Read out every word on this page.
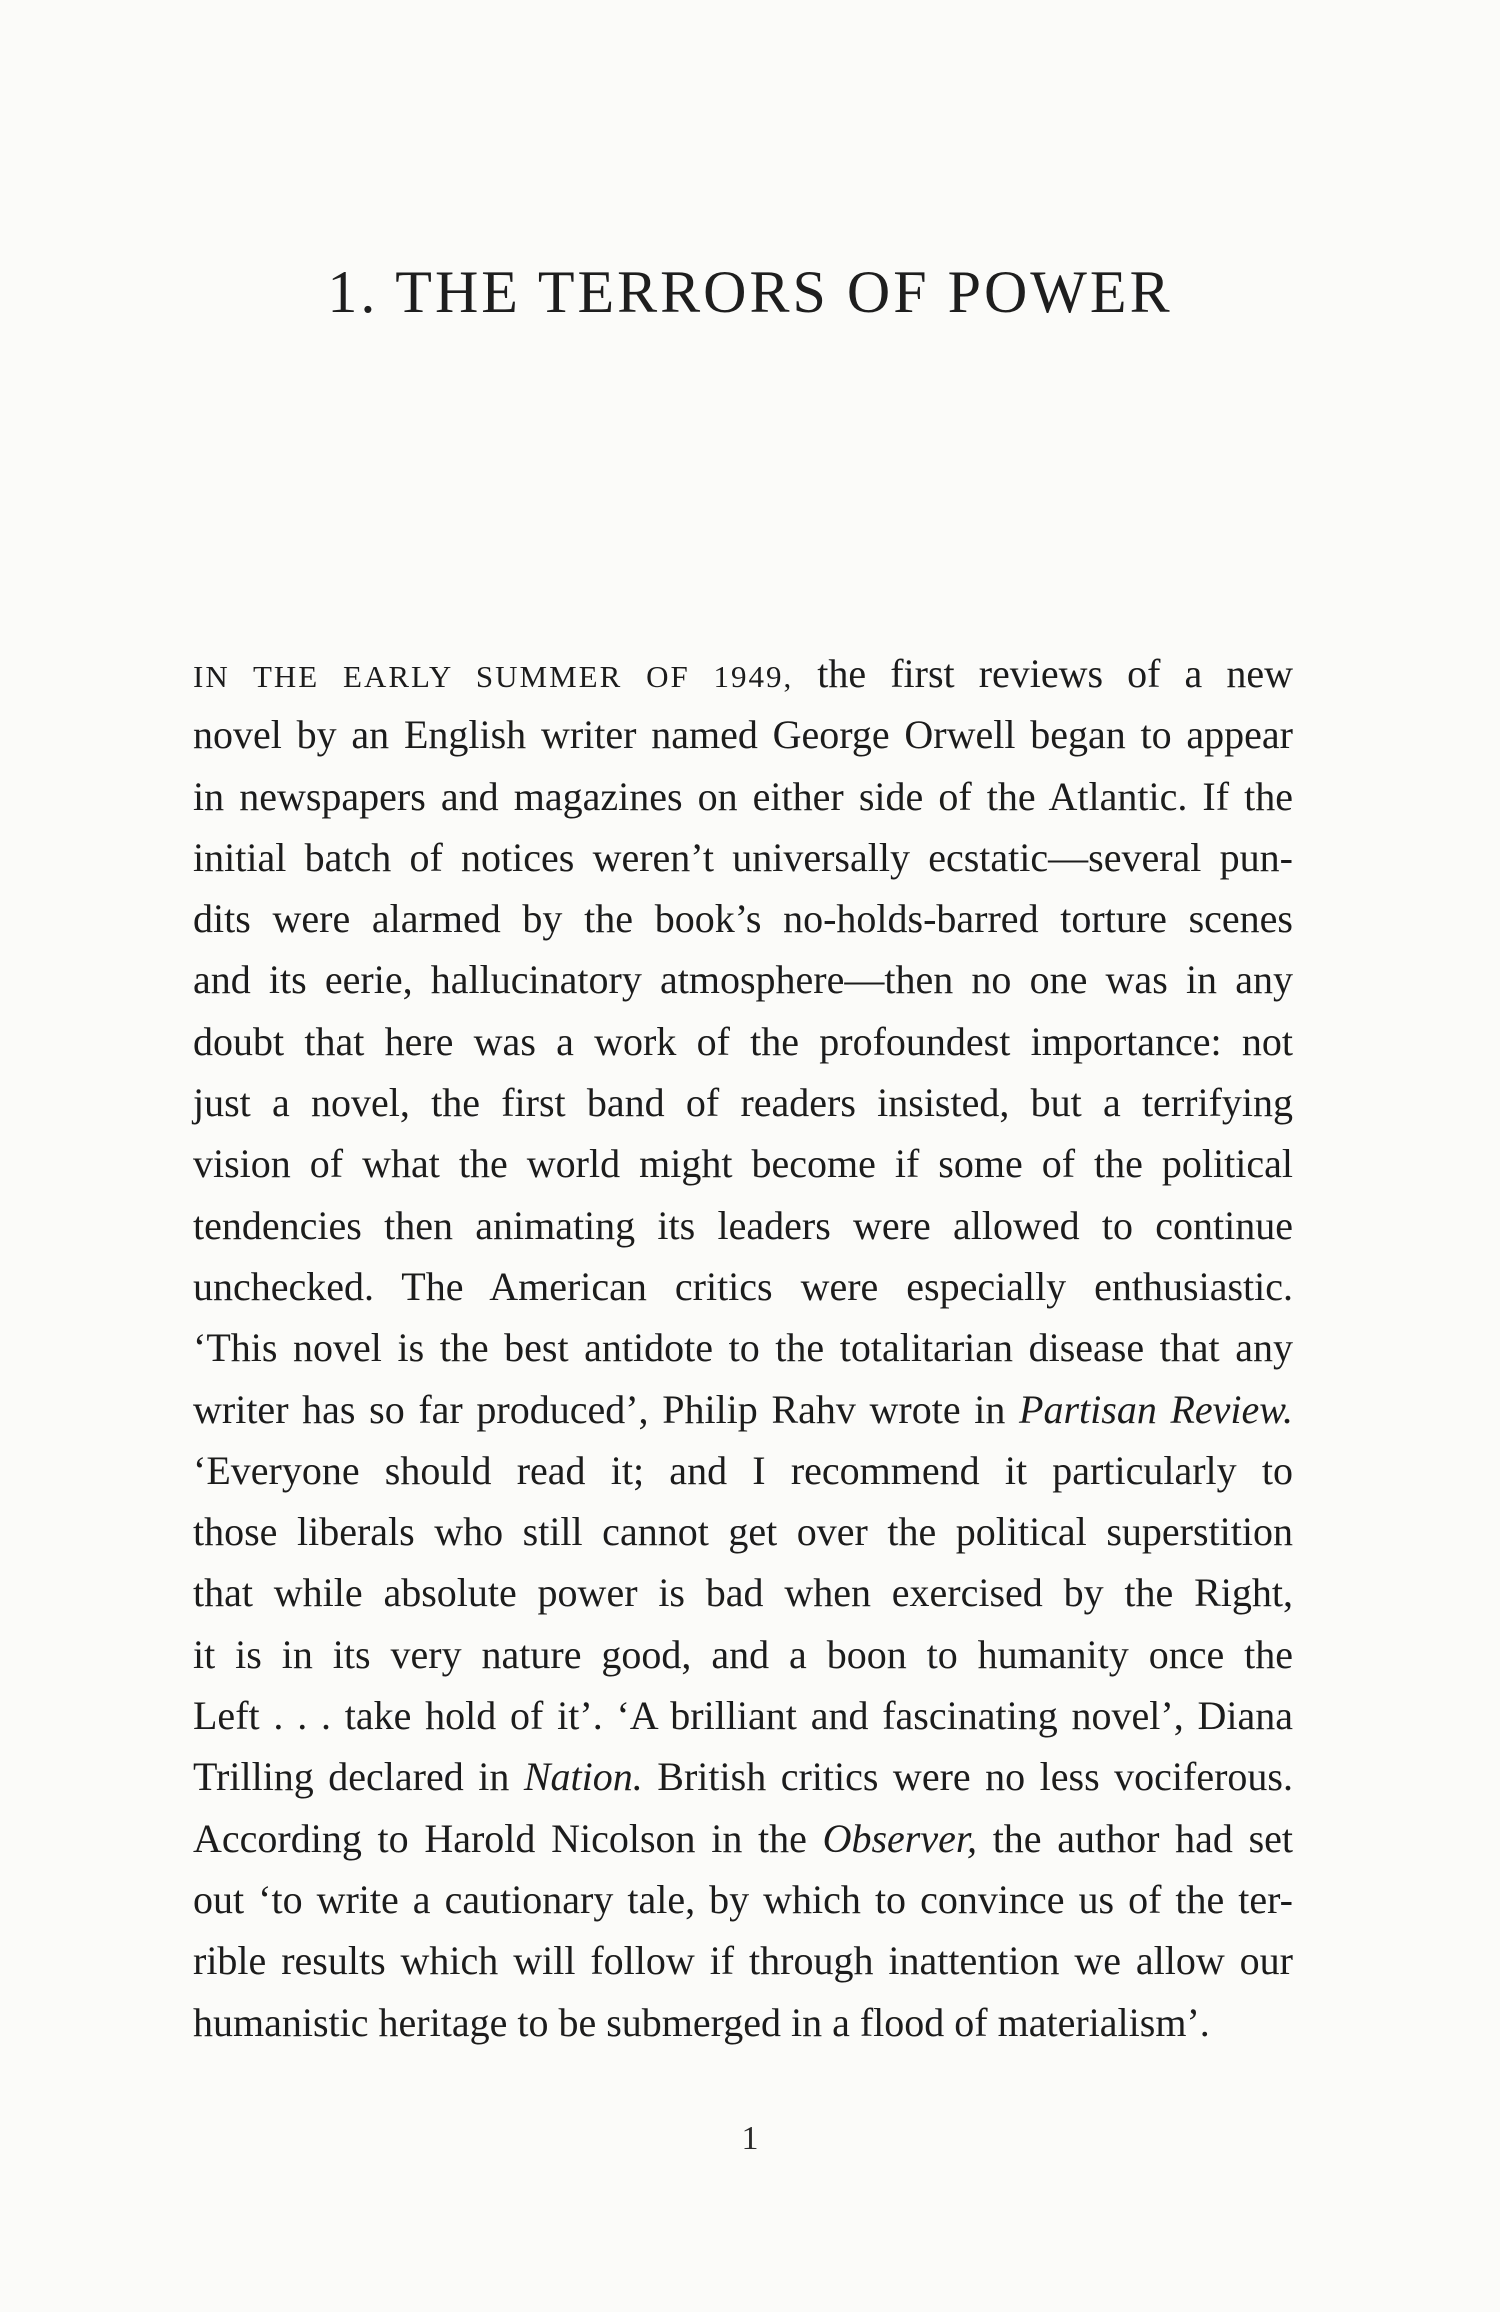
1. THE TERRORS OF POWER
IN THE EARLY SUMMER OF 1949, the first reviews of a new
novel by an English writer named George Orwell began to appear
in newspapers and magazines on either side of the Atlantic. If the
initial batch of notices weren’t universally ecstatic—several pun-
dits were alarmed by the book’s no-holds-barred torture scenes
and its eerie, hallucinatory atmosphere—then no one was in any
doubt that here was a work of the profoundest importance: not
just a novel, the first band of readers insisted, but a terrifying
vision of what the world might become if some of the political
tendencies then animating its leaders were allowed to continue
unchecked. The American critics were especially enthusiastic.
‘This novel is the best antidote to the totalitarian disease that any
writer has so far produced’, Philip Rahv wrote in Partisan Review.
‘Everyone should read it; and I recommend it particularly to
those liberals who still cannot get over the political superstition
that while absolute power is bad when exercised by the Right,
it is in its very nature good, and a boon to humanity once the
Left . . . take hold of it’. ‘A brilliant and fascinating novel’, Diana
Trilling declared in Nation. British critics were no less vociferous.
According to Harold Nicolson in the Observer, the author had set
out ‘to write a cautionary tale, by which to convince us of the ter-
rible results which will follow if through inattention we allow our
humanistic heritage to be submerged in a flood of materialism’.
1
